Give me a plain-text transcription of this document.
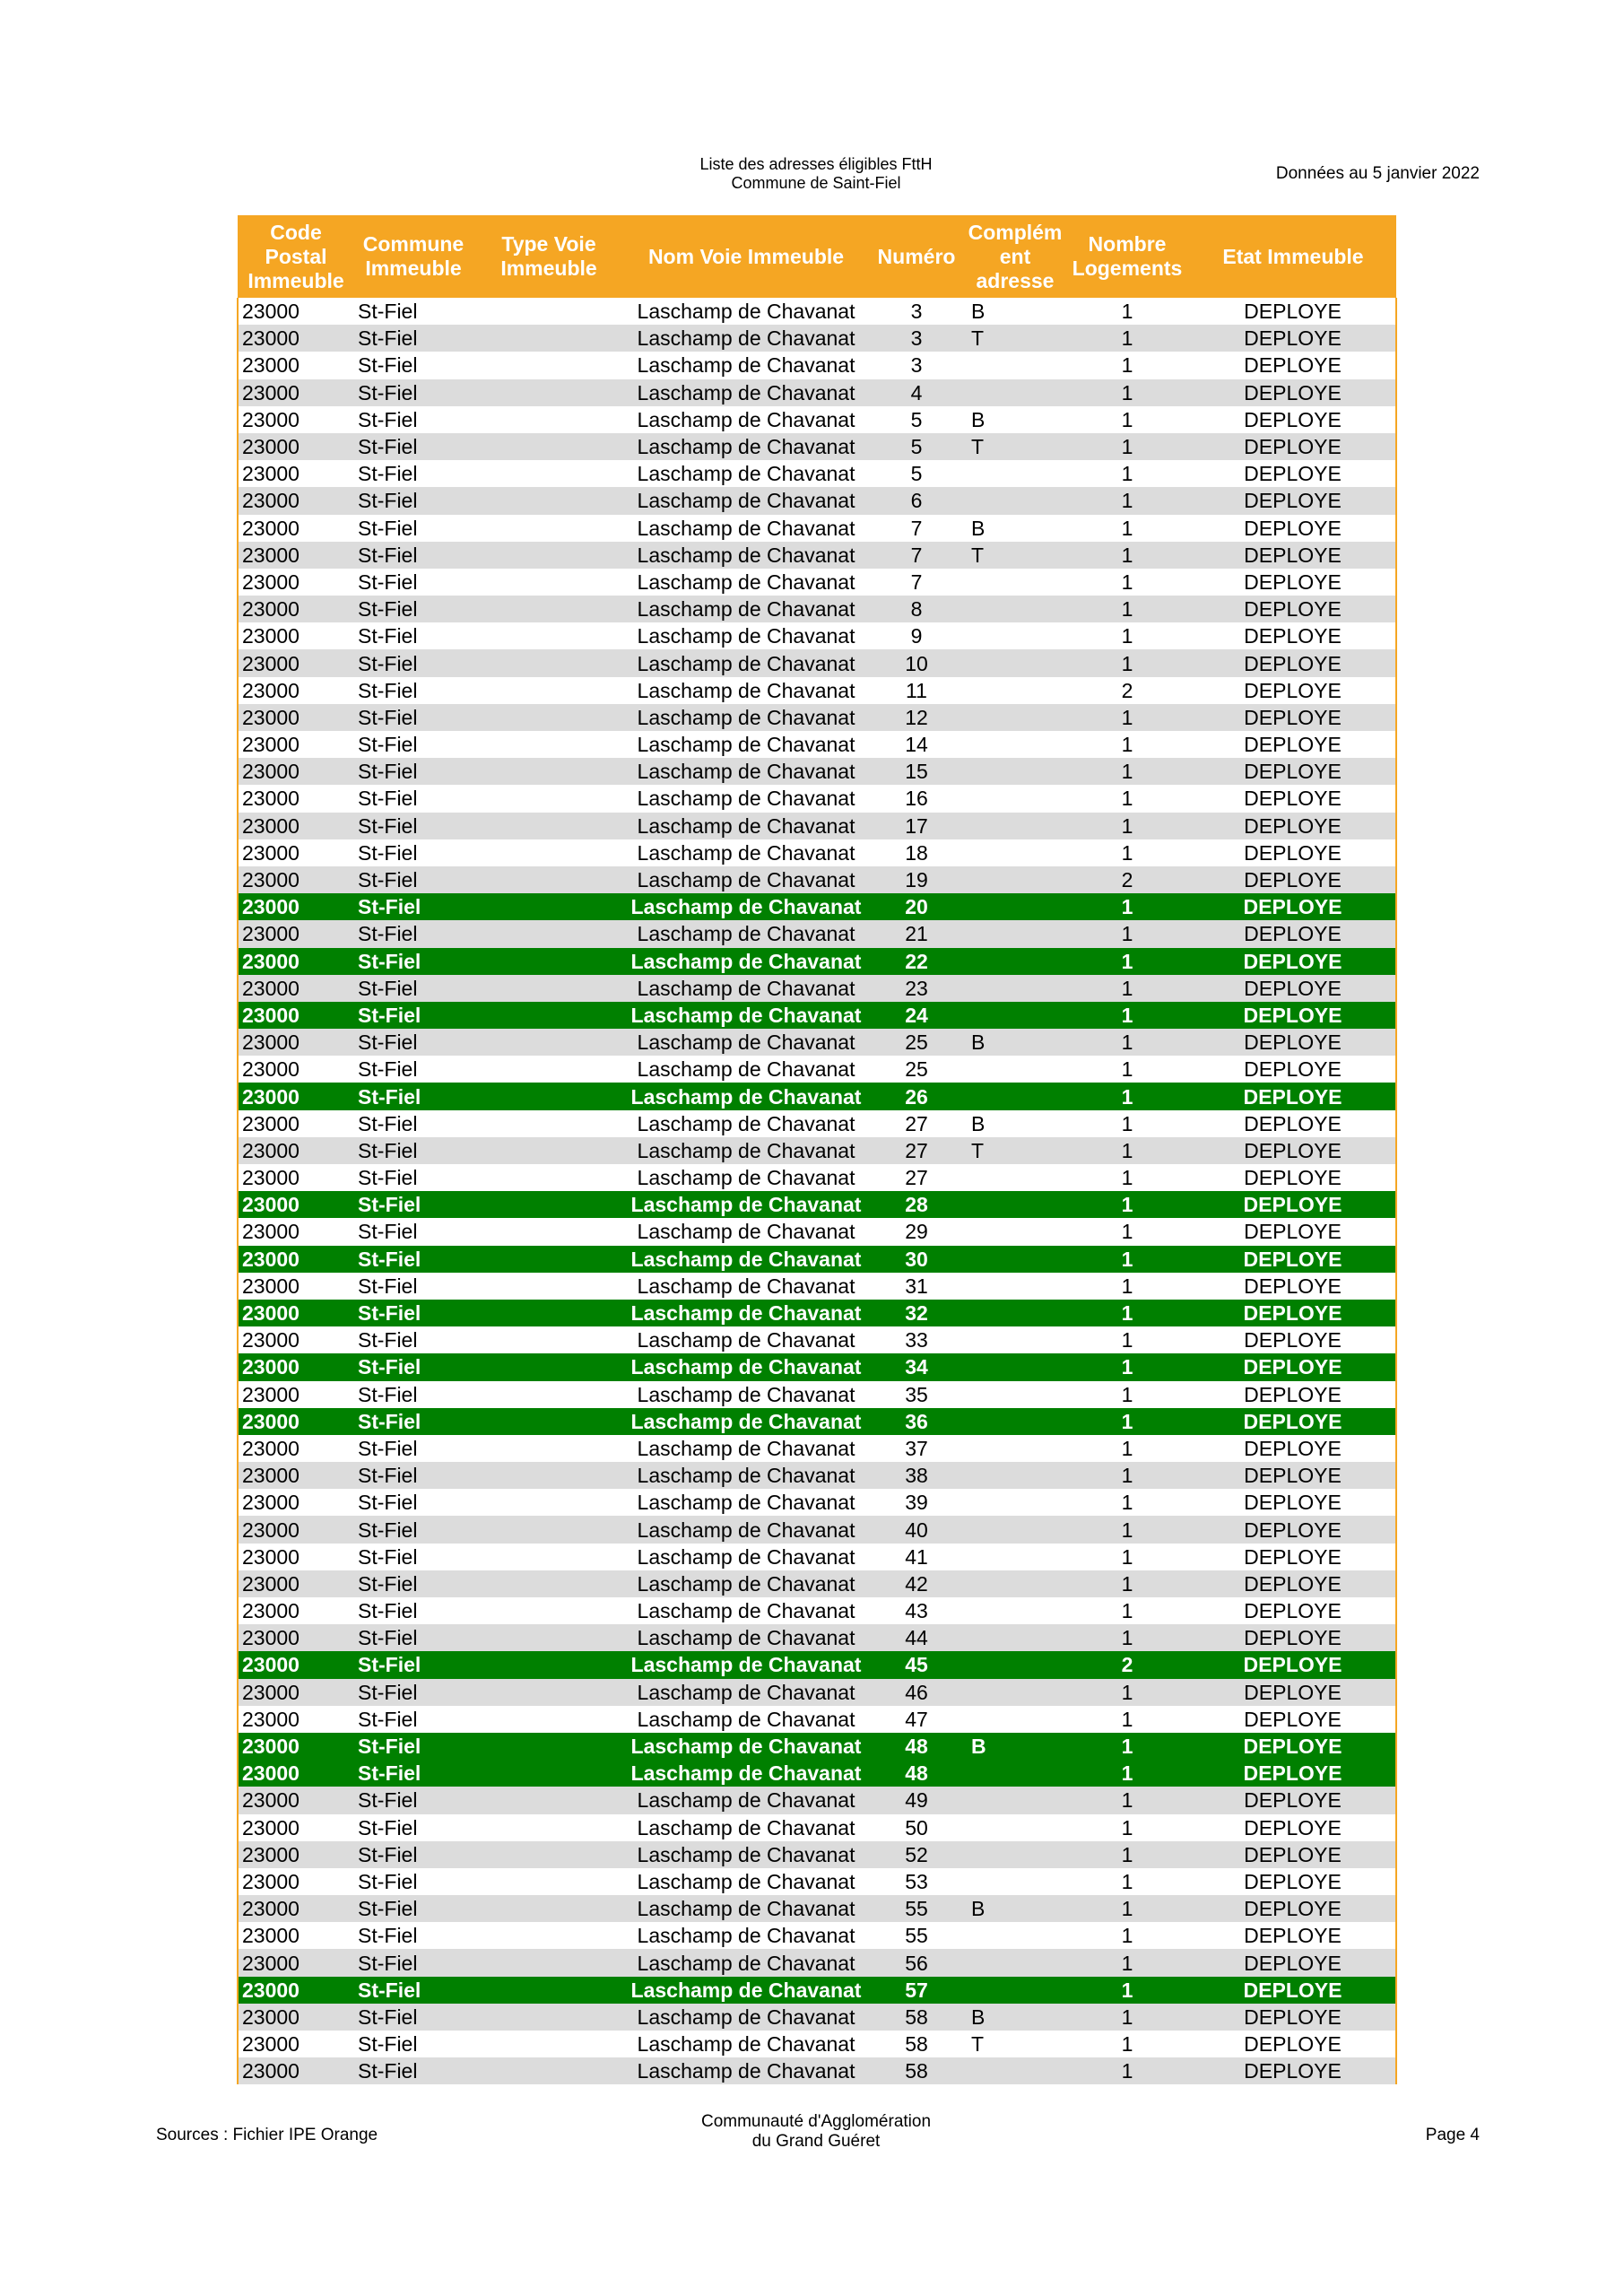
Liste des adresses éligibles FttH
Commune de Saint-Fiel	Données au 5 janvier 2022
Code Postal Immeuble	Commune Immeuble	Type Voie Immeuble	Nom Voie Immeuble	Numéro	Complém ent adresse	Nombre Logements	Etat Immeuble
23000	St-Fiel		Laschamp de Chavanat	3	B	1	DEPLOYE
23000	St-Fiel		Laschamp de Chavanat	3	T	1	DEPLOYE
23000	St-Fiel		Laschamp de Chavanat	3		1	DEPLOYE
23000	St-Fiel		Laschamp de Chavanat	4		1	DEPLOYE
23000	St-Fiel		Laschamp de Chavanat	5	B	1	DEPLOYE
23000	St-Fiel		Laschamp de Chavanat	5	T	1	DEPLOYE
23000	St-Fiel		Laschamp de Chavanat	5		1	DEPLOYE
23000	St-Fiel		Laschamp de Chavanat	6		1	DEPLOYE
23000	St-Fiel		Laschamp de Chavanat	7	B	1	DEPLOYE
23000	St-Fiel		Laschamp de Chavanat	7	T	1	DEPLOYE
23000	St-Fiel		Laschamp de Chavanat	7		1	DEPLOYE
23000	St-Fiel		Laschamp de Chavanat	8		1	DEPLOYE
23000	St-Fiel		Laschamp de Chavanat	9		1	DEPLOYE
23000	St-Fiel		Laschamp de Chavanat	10		1	DEPLOYE
23000	St-Fiel		Laschamp de Chavanat	11		2	DEPLOYE
23000	St-Fiel		Laschamp de Chavanat	12		1	DEPLOYE
23000	St-Fiel		Laschamp de Chavanat	14		1	DEPLOYE
23000	St-Fiel		Laschamp de Chavanat	15		1	DEPLOYE
23000	St-Fiel		Laschamp de Chavanat	16		1	DEPLOYE
23000	St-Fiel		Laschamp de Chavanat	17		1	DEPLOYE
23000	St-Fiel		Laschamp de Chavanat	18		1	DEPLOYE
23000	St-Fiel		Laschamp de Chavanat	19		2	DEPLOYE
23000	St-Fiel		Laschamp de Chavanat	20		1	DEPLOYE
23000	St-Fiel		Laschamp de Chavanat	21		1	DEPLOYE
23000	St-Fiel		Laschamp de Chavanat	22		1	DEPLOYE
23000	St-Fiel		Laschamp de Chavanat	23		1	DEPLOYE
23000	St-Fiel		Laschamp de Chavanat	24		1	DEPLOYE
23000	St-Fiel		Laschamp de Chavanat	25	B	1	DEPLOYE
23000	St-Fiel		Laschamp de Chavanat	25		1	DEPLOYE
23000	St-Fiel		Laschamp de Chavanat	26		1	DEPLOYE
23000	St-Fiel		Laschamp de Chavanat	27	B	1	DEPLOYE
23000	St-Fiel		Laschamp de Chavanat	27	T	1	DEPLOYE
23000	St-Fiel		Laschamp de Chavanat	27		1	DEPLOYE
23000	St-Fiel		Laschamp de Chavanat	28		1	DEPLOYE
23000	St-Fiel		Laschamp de Chavanat	29		1	DEPLOYE
23000	St-Fiel		Laschamp de Chavanat	30		1	DEPLOYE
23000	St-Fiel		Laschamp de Chavanat	31		1	DEPLOYE
23000	St-Fiel		Laschamp de Chavanat	32		1	DEPLOYE
23000	St-Fiel		Laschamp de Chavanat	33		1	DEPLOYE
23000	St-Fiel		Laschamp de Chavanat	34		1	DEPLOYE
23000	St-Fiel		Laschamp de Chavanat	35		1	DEPLOYE
23000	St-Fiel		Laschamp de Chavanat	36		1	DEPLOYE
23000	St-Fiel		Laschamp de Chavanat	37		1	DEPLOYE
23000	St-Fiel		Laschamp de Chavanat	38		1	DEPLOYE
23000	St-Fiel		Laschamp de Chavanat	39		1	DEPLOYE
23000	St-Fiel		Laschamp de Chavanat	40		1	DEPLOYE
23000	St-Fiel		Laschamp de Chavanat	41		1	DEPLOYE
23000	St-Fiel		Laschamp de Chavanat	42		1	DEPLOYE
23000	St-Fiel		Laschamp de Chavanat	43		1	DEPLOYE
23000	St-Fiel		Laschamp de Chavanat	44		1	DEPLOYE
23000	St-Fiel		Laschamp de Chavanat	45		2	DEPLOYE
23000	St-Fiel		Laschamp de Chavanat	46		1	DEPLOYE
23000	St-Fiel		Laschamp de Chavanat	47		1	DEPLOYE
23000	St-Fiel		Laschamp de Chavanat	48	B	1	DEPLOYE
23000	St-Fiel		Laschamp de Chavanat	48		1	DEPLOYE
23000	St-Fiel		Laschamp de Chavanat	49		1	DEPLOYE
23000	St-Fiel		Laschamp de Chavanat	50		1	DEPLOYE
23000	St-Fiel		Laschamp de Chavanat	52		1	DEPLOYE
23000	St-Fiel		Laschamp de Chavanat	53		1	DEPLOYE
23000	St-Fiel		Laschamp de Chavanat	55	B	1	DEPLOYE
23000	St-Fiel		Laschamp de Chavanat	55		1	DEPLOYE
23000	St-Fiel		Laschamp de Chavanat	56		1	DEPLOYE
23000	St-Fiel		Laschamp de Chavanat	57		1	DEPLOYE
23000	St-Fiel		Laschamp de Chavanat	58	B	1	DEPLOYE
23000	St-Fiel		Laschamp de Chavanat	58	T	1	DEPLOYE
23000	St-Fiel		Laschamp de Chavanat	58		1	DEPLOYE
Sources : Fichier IPE Orange
Communauté d'Agglomération
du Grand Guéret	Page 4
